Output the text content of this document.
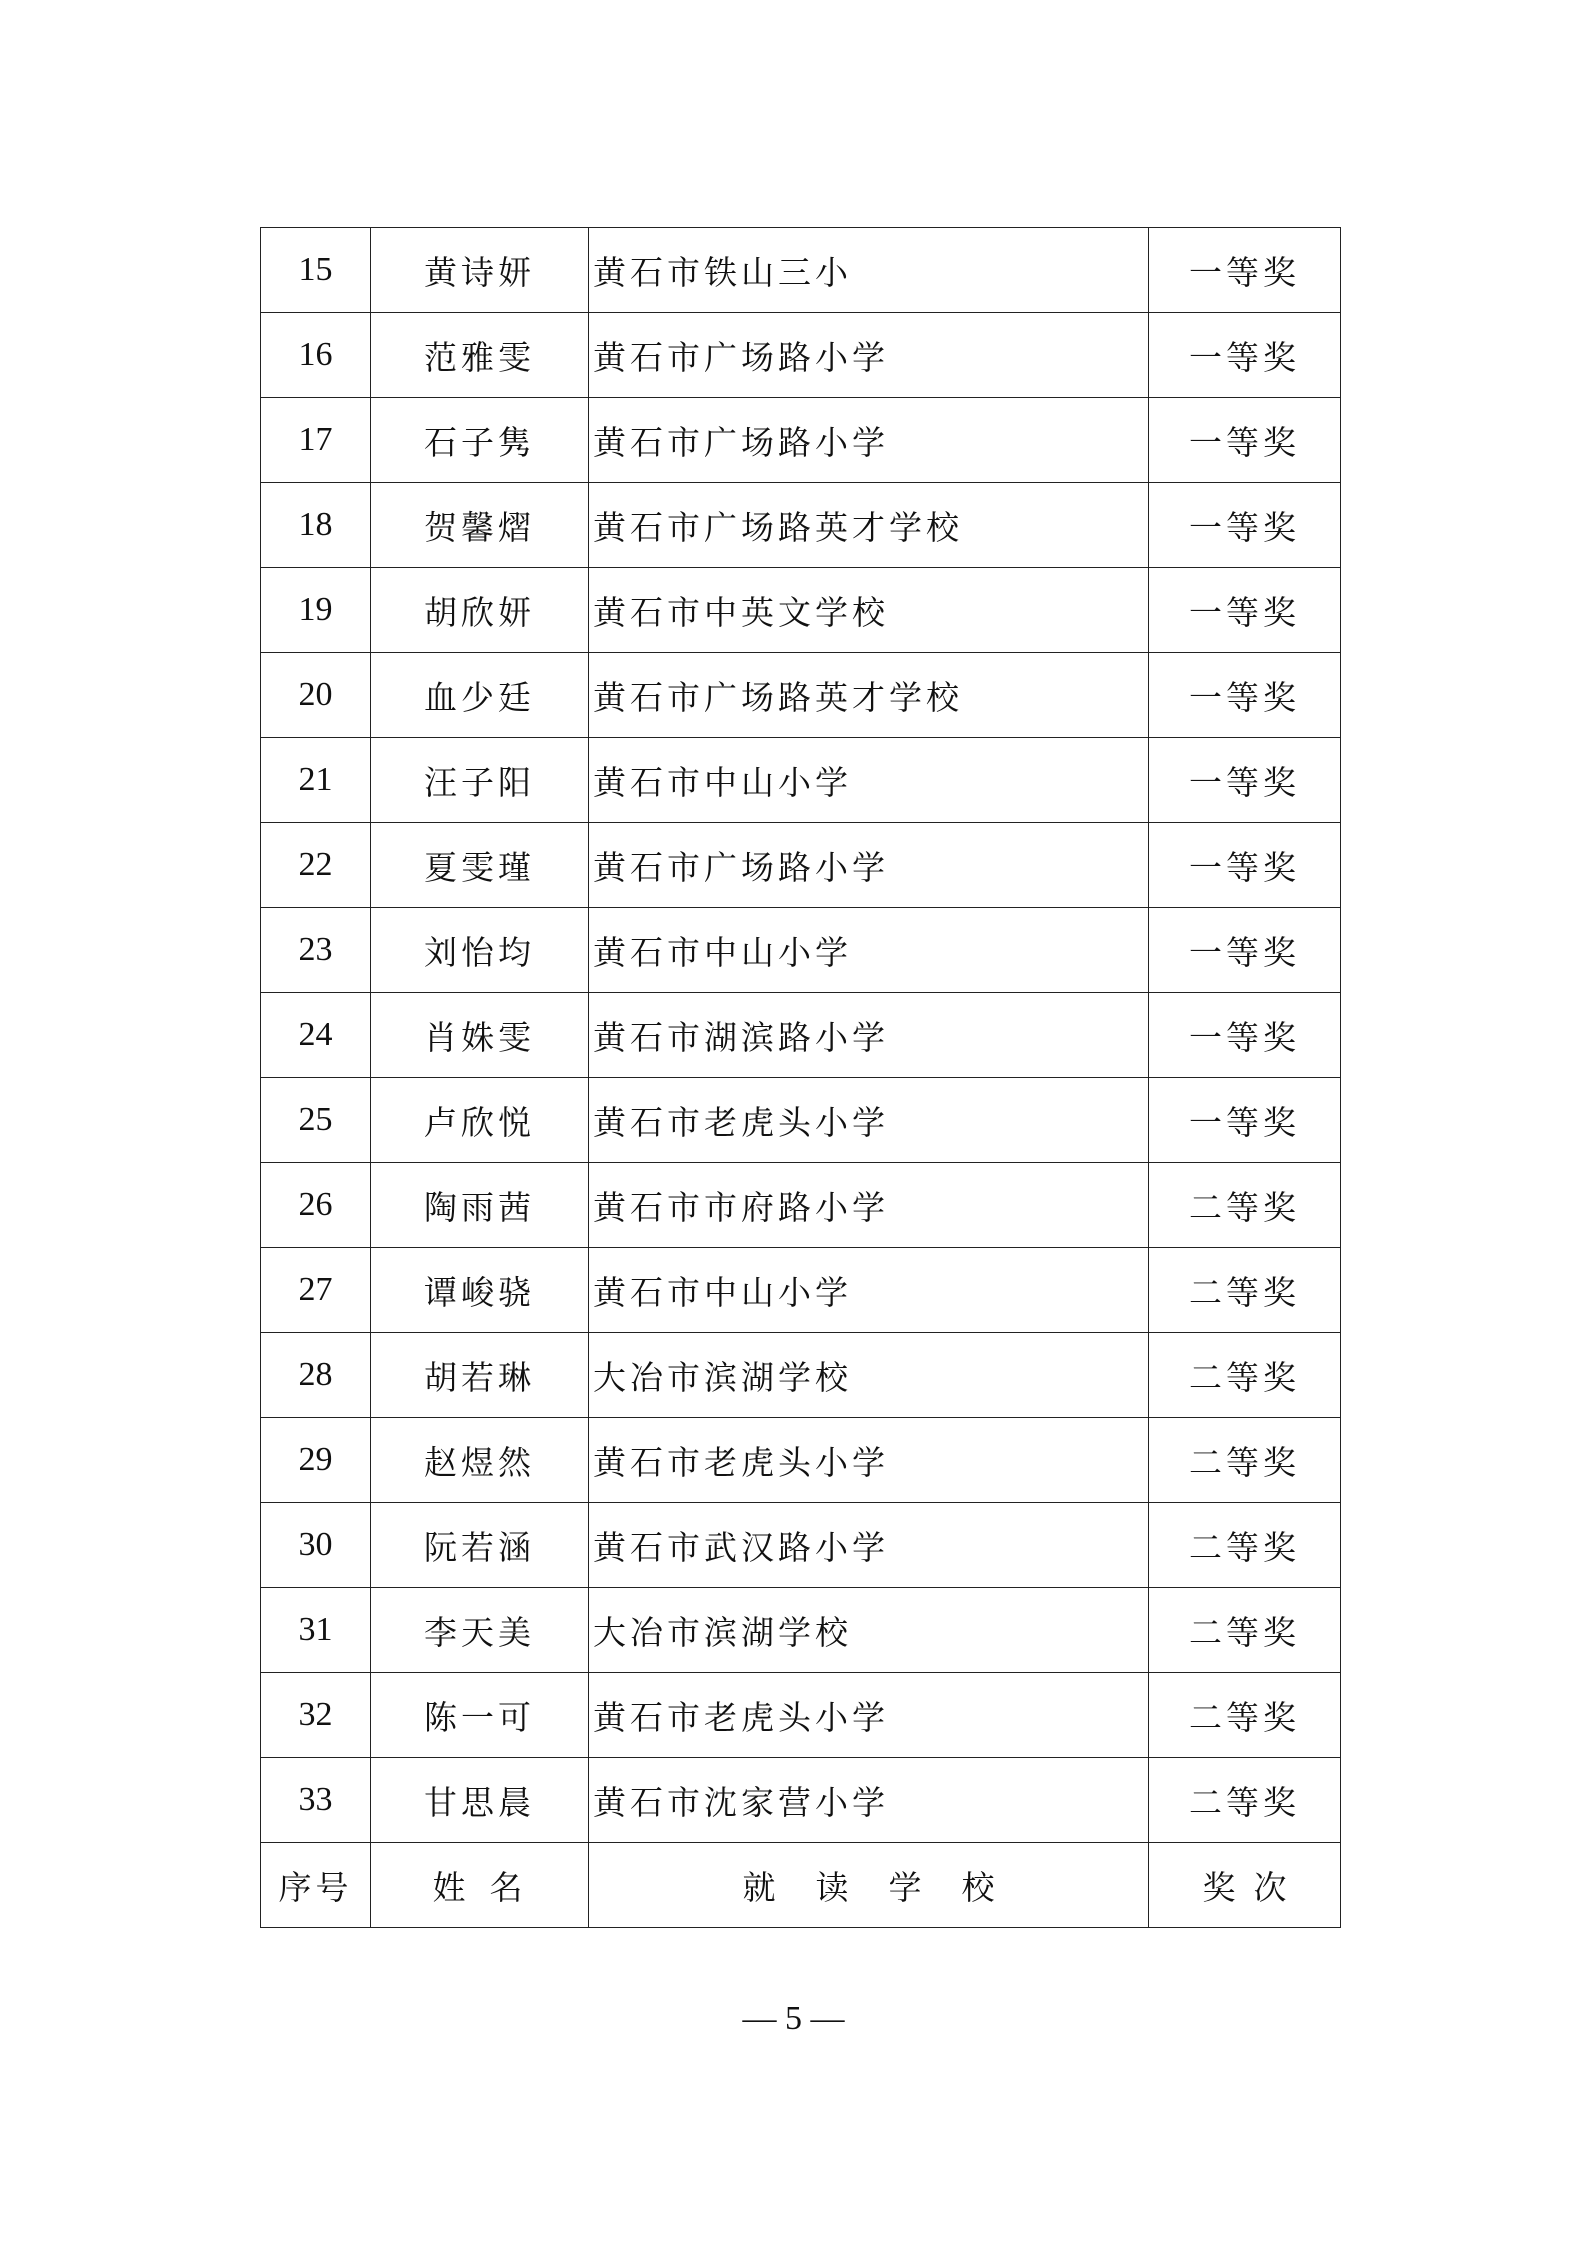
15	黄诗妍	黄石市铁山三小	一等奖
16	范雅雯	黄石市广场路小学	一等奖
17	石子隽	黄石市广场路小学	一等奖
18	贺馨熠	黄石市广场路英才学校	一等奖
19	胡欣妍	黄石市中英文学校	一等奖
20	血少廷	黄石市广场路英才学校	一等奖
21	汪子阳	黄石市中山小学	一等奖
22	夏雯瑾	黄石市广场路小学	一等奖
23	刘怡均	黄石市中山小学	一等奖
24	肖姝雯	黄石市湖滨路小学	一等奖
25	卢欣悦	黄石市老虎头小学	一等奖
26	陶雨茜	黄石市市府路小学	二等奖
27	谭峻骁	黄石市中山小学	二等奖
28	胡若琳	大冶市滨湖学校	二等奖
29	赵煜然	黄石市老虎头小学	二等奖
30	阮若涵	黄石市武汉路小学	二等奖
31	李天美	大冶市滨湖学校	二等奖
32	陈一可	黄石市老虎头小学	二等奖
33	甘思晨	黄石市沈家营小学	二等奖
序号	姓名	就读学校	奖次
— 5 —
